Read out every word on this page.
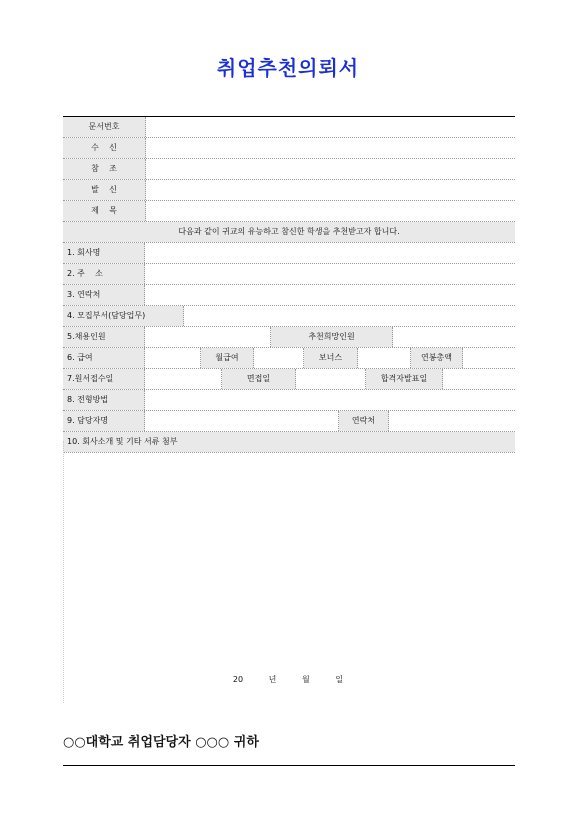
취업추천의뢰서
문서번호
수    신
참    조
발    신
제    목
다음과 같이 귀교의 유능하고 참신한 학생을 추천받고자 합니다.
1. 회사명
2. 주    소
3. 연락처
4. 모집부서(담당업무)
5.채용인원	추천희망인원
6. 급여	월급여	보너스	연봉총액
7.원서접수일	면접일	합격자발표일
8. 전형방법
9. 담당자명	연락처
10. 회사소개 및 기타 서류 첨부
20   년   월   일
○○대학교 취업담당자 ○○○ 귀하
